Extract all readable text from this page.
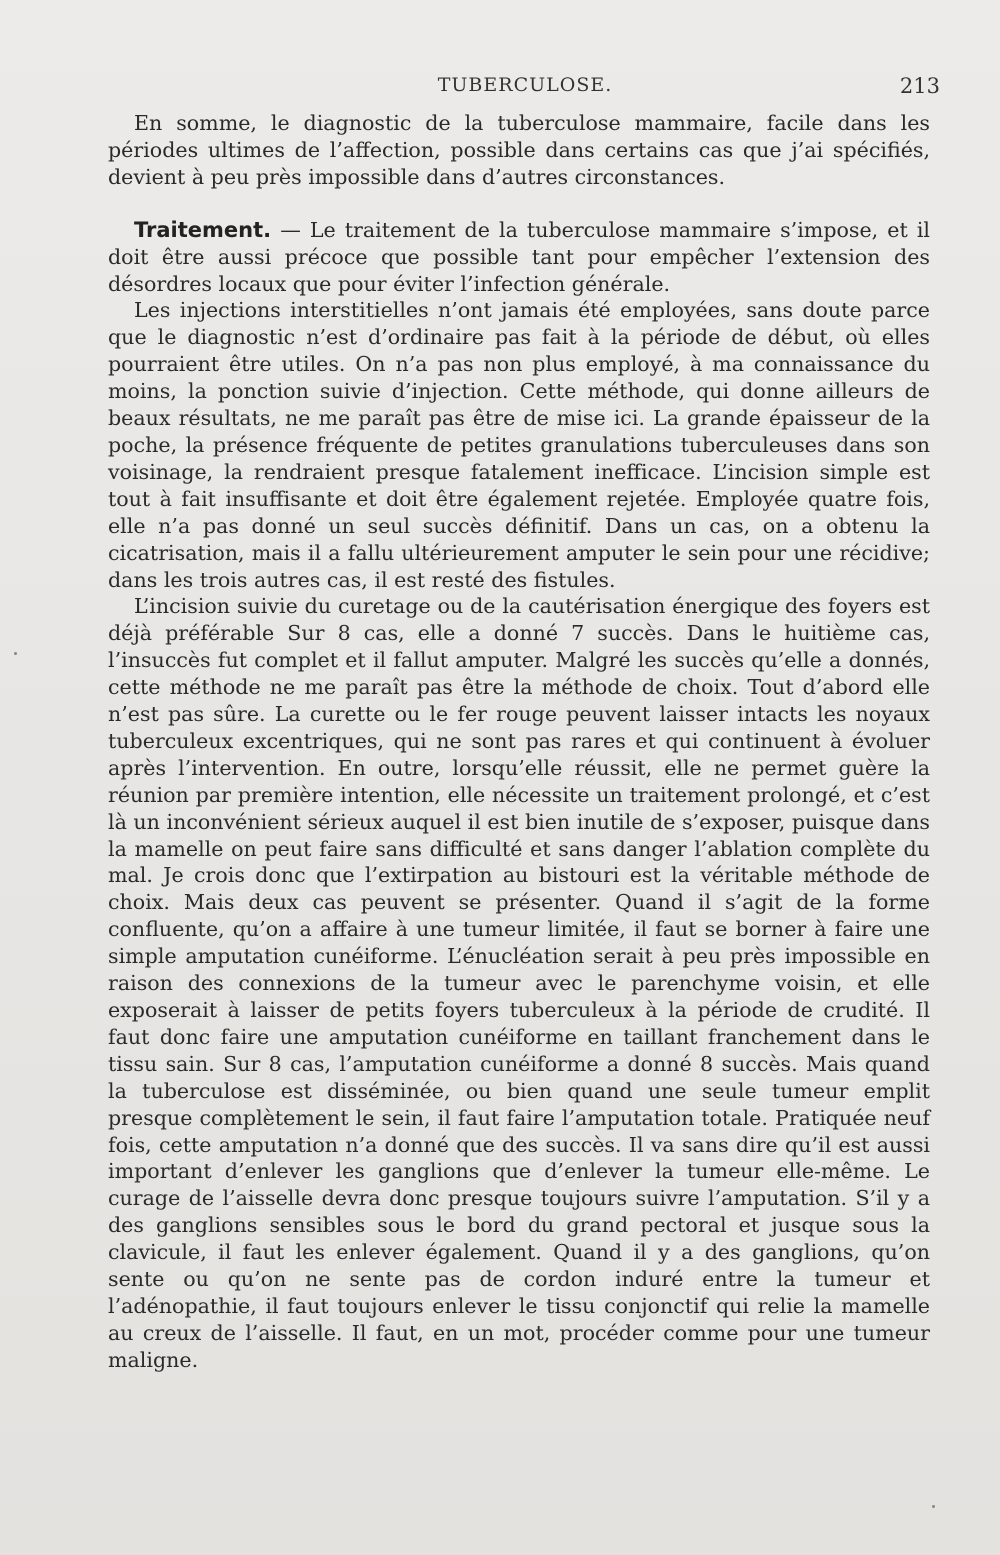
TUBERCULOSE.	213

En somme, le diagnostic de la tuberculose mammaire, facile dans les périodes ultimes de l’affection, possible dans certains cas que j’ai spécifiés, devient à peu près impossible dans d’autres circonstances.

Traitement. — Le traitement de la tuberculose mammaire s’impose, et il doit être aussi précoce que possible tant pour empêcher l’extension des désordres locaux que pour éviter l’infection générale.

Les injections interstitielles n’ont jamais été employées, sans doute parce que le diagnostic n’est d’ordinaire pas fait à la période de début, où elles pourraient être utiles. On n’a pas non plus employé, à ma connaissance du moins, la ponction suivie d’injection. Cette méthode, qui donne ailleurs de beaux résultats, ne me paraît pas être de mise ici. La grande épaisseur de la poche, la présence fréquente de petites granulations tuberculeuses dans son voisinage, la rendraient presque fatalement inefficace. L’incision simple est tout à fait insuffisante et doit être également rejetée. Employée quatre fois, elle n’a pas donné un seul succès définitif. Dans un cas, on a obtenu la cicatrisation, mais il a fallu ultérieurement amputer le sein pour une récidive; dans les trois autres cas, il est resté des fistules.

L’incision suivie du curetage ou de la cautérisation énergique des foyers est déjà préférable Sur 8 cas, elle a donné 7 succès. Dans le huitième cas, l’insuccès fut complet et il fallut amputer. Malgré les succès qu’elle a donnés, cette méthode ne me paraît pas être la méthode de choix. Tout d’abord elle n’est pas sûre. La curette ou le fer rouge peuvent laisser intacts les noyaux tuberculeux excentriques, qui ne sont pas rares et qui continuent à évoluer après l’intervention. En outre, lorsqu’elle réussit, elle ne permet guère la réunion par première intention, elle nécessite un traitement prolongé, et c’est là un inconvénient sérieux auquel il est bien inutile de s’exposer, puisque dans la mamelle on peut faire sans difficulté et sans danger l’ablation complète du mal. Je crois donc que l’extirpation au bistouri est la véritable méthode de choix. Mais deux cas peuvent se présenter. Quand il s’agit de la forme confluente, qu’on a affaire à une tumeur limitée, il faut se borner à faire une simple amputation cunéiforme. L’énucléation serait à peu près impossible en raison des connexions de la tumeur avec le parenchyme voisin, et elle exposerait à laisser de petits foyers tuberculeux à la période de crudité. Il faut donc faire une amputation cunéiforme en taillant franchement dans le tissu sain. Sur 8 cas, l’amputation cunéiforme a donné 8 succès. Mais quand la tuberculose est disséminée, ou bien quand une seule tumeur emplit presque complètement le sein, il faut faire l’amputation totale. Pratiquée neuf fois, cette amputation n’a donné que des succès. Il va sans dire qu’il est aussi important d’enlever les ganglions que d’enlever la tumeur elle-même. Le curage de l’aisselle devra donc presque toujours suivre l’amputation. S’il y a des ganglions sensibles sous le bord du grand pectoral et jusque sous la clavicule, il faut les enlever également. Quand il y a des ganglions, qu’on sente ou qu’on ne sente pas de cordon induré entre la tumeur et l’adénopathie, il faut toujours enlever le tissu conjonctif qui relie la mamelle au creux de l’aisselle. Il faut, en un mot, procéder comme pour une tumeur maligne.
